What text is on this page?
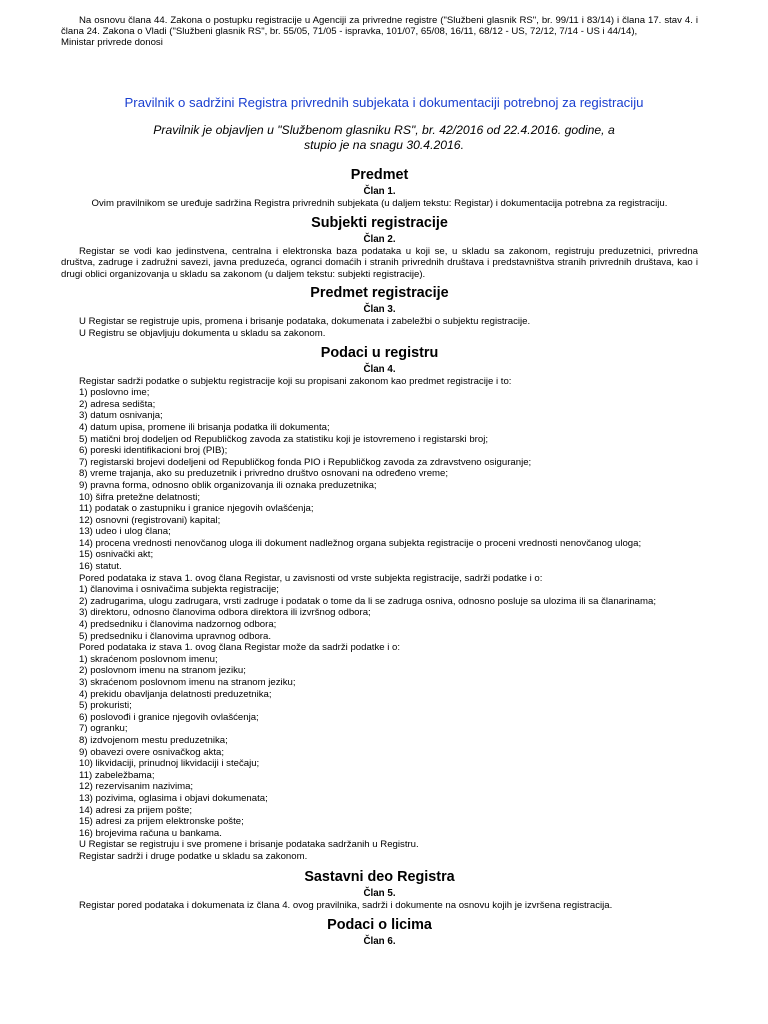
Na osnovu člana 44. Zakona o postupku registracije u Agenciji za privredne registre ("Službeni glasnik RS", br. 99/11 i 83/14) i člana 17. stav 4. i člana 24. Zakona o Vladi ("Službeni glasnik RS", br. 55/05, 71/05 - ispravka, 101/07, 65/08, 16/11, 68/12 - US, 72/12, 7/14 - US i 44/14),

Ministar privrede donosi

Pravilnik o sadržini Registra privrednih subjekata i dokumentaciji potrebnoj za registraciju
Pravilnik je objavljen u "Službenom glasniku RS", br. 42/2016 od 22.4.2016. godine, a
stupio je na snagu 30.4.2016.
Predmet
Član 1.
Ovim pravilnikom se uređuje sadržina Registra privrednih subjekata (u daljem tekstu: Registar) i dokumentacija potrebna za registraciju.
Subjekti registracije
Član 2.
Registar se vodi kao jedinstvena, centralna i elektronska baza podataka u koji se, u skladu sa zakonom, registruju preduzetnici, privredna društva, zadruge i zadružni savezi, javna preduzeća, ogranci domaćih i stranih privrednih društava i predstavništva stranih privrednih društava, kao i drugi oblici organizovanja u skladu sa zakonom (u daljem tekstu: subjekti registracije).
Predmet registracije
Član 3.
U Registar se registruje upis, promena i brisanje podataka, dokumenata i zabeležbi o subjektu registracije.
U Registru se objavljuju dokumenta u skladu sa zakonom.
Podaci u registru
Član 4.
Registar sadrži podatke o subjektu registracije koji su propisani zakonom kao predmet registracije i to:
1) poslovno ime;
2) adresa sedišta;
3) datum osnivanja;
4) datum upisa, promene ili brisanja podatka ili dokumenta;
5) matični broj dodeljen od Republičkog zavoda za statistiku koji je istovremeno i registarski broj;
6) poreski identifikacioni broj (PIB);
7) registarski brojevi dodeljeni od Republičkog fonda PIO i Republičkog zavoda za zdravstveno osiguranje;
8) vreme trajanja, ako su preduzetnik i privredno društvo osnovani na određeno vreme;
9) pravna forma, odnosno oblik organizovanja ili oznaka preduzetnika;
10) šifra pretežne delatnosti;
11) podatak o zastupniku i granice njegovih ovlašćenja;
12) osnovni (registrovani) kapital;
13) udeo i ulog člana;
14) procena vrednosti nenovčanog uloga ili dokument nadležnog organa subjekta registracije o proceni vrednosti nenovčanog uloga;
15) osnivački akt;
16) statut.
Pored podataka iz stava 1. ovog člana Registar, u zavisnosti od vrste subjekta registracije, sadrži podatke i o:
1) članovima i osnivačima subjekta registracije;
2) zadrugarima, ulogu zadrugara, vrsti zadruge i podatak o tome da li se zadruga osniva, odnosno posluje sa ulozima ili sa članarinama;
3) direktoru, odnosno članovima odbora direktora ili izvršnog odbora;
4) predsedniku i članovima nadzornog odbora;
5) predsedniku i članovima upravnog odbora.
Pored podataka iz stava 1. ovog člana Registar može da sadrži podatke i o:
1) skraćenom poslovnom imenu;
2) poslovnom imenu na stranom jeziku;
3) skraćenom poslovnom imenu na stranom jeziku;
4) prekidu obavljanja delatnosti preduzetnika;
5) prokuristi;
6) poslovođi i granice njegovih ovlašćenja;
7) ogranku;
8) izdvojenom mestu preduzetnika;
9) obavezi overe osnivačkog akta;
10) likvidaciji, prinudnoj likvidaciji i stečaju;
11) zabeležbama;
12) rezervisanim nazivima;
13) pozivima, oglasima i objavi dokumenata;
14) adresi za prijem pošte;
15) adresi za prijem elektronske pošte;
16) brojevima računa u bankama.
U Registar se registruju i sve promene i brisanje podataka sadržanih u Registru.
Registar sadrži i druge podatke u skladu sa zakonom.
Sastavni deo Registra
Član 5.
Registar pored podataka i dokumenata iz člana 4. ovog pravilnika, sadrži i dokumente na osnovu kojih je izvršena registracija.
Podaci o licima
Član 6.
